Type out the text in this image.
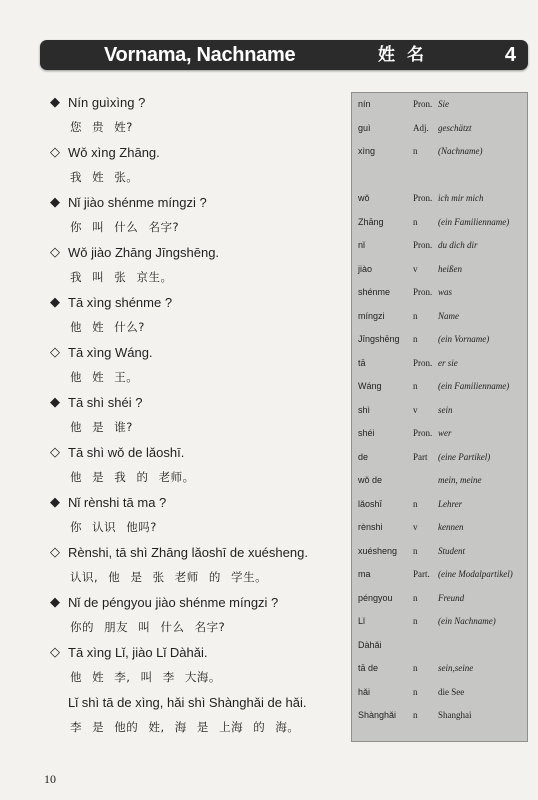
Vornama, Nachname	姓名	4
◆ Nín guìxìng ?
您 贵 姓?
◇ Wǒ xìng Zhāng.
我 姓 张。
◆ Nǐ jiào shénme míngzi ?
你 叫 什么 名字?
◇ Wǒ jiào Zhāng Jīngshēng.
我 叫 张 京生。
◆ Tā xìng shénme ?
他 姓 什么?
◇ Tā xìng Wáng.
他 姓 王。
◆ Tā shì shéi ?
他 是 谁?
◇ Tā shì wǒ de lǎoshī.
他 是 我 的 老师。
◆ Nǐ rènshi tā ma ?
你 认识 他吗?
◇ Rènshi, tā shì Zhāng lǎoshī de xuésheng.
认识, 他 是 张 老师 的 学生。
◆ Nǐ de péngyou jiào shénme míngzi ?
你的 朋友 叫 什么 名字?
◇ Tā xìng Lǐ, jiào Lǐ Dàhǎi.
他 姓 李, 叫 李 大海。
Lǐ shì tā de xìng, hǎi shì Shànghǎi de hǎi.
李 是 他的 姓, 海 是 上海 的 海。
nín	Pron. Sie
guì	Adj. geschätzt
xìng	n (Nachname)
wǒ	Pron. ich mir mich
Zhāng	n (ein Familienname)
nǐ	Pron. du dich dir
jiào	v heißen
shénme	Pron. was
míngzi	n Name
Jīngshēng n (ein Vorname)
tā	Pron. er sie
Wáng	n (ein Familienname)
shì	v sein
shéi	Pron. wer
de	Part (eine Partikel)
wǒ de	mein, meine
lǎoshī	n Lehrer
rènshi	v kennen
xuésheng n Student
ma	Part. (eine Modalpartikel)
péngyou n Freund
Lǐ	n (ein Nachname)
Dàhǎi
tā de	n sein,seine
hǎi	n die See
Shànghǎi n Shanghai
10
